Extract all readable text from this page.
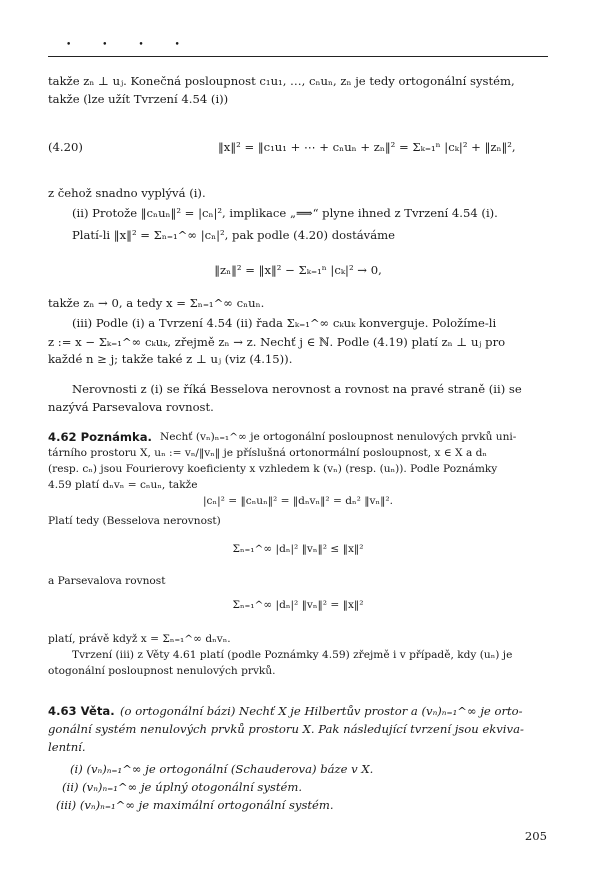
• • • •
takže zₙ ⊥ uⱼ. Konečná posloupnost c₁u₁, …, cₙuₙ, zₙ je tedy ortogonální systém,
takže (lze užít Tvrzení 4.54 (i))
‖x‖² = ‖c₁u₁ + ⋯ + cₙuₙ + zₙ‖² = Σₖ₌₁ⁿ |cₖ|² + ‖zₙ‖²,
z čehož snadno vyplývá (i).
(ii) Protože ‖cₙuₙ‖² = |cₙ|², implikace „⟹“ plyne ihned z Tvrzení 4.54 (i).
Platí-li ‖x‖² = Σₙ₌₁^∞ |cₙ|², pak podle (4.20) dostáváme
‖zₙ‖² = ‖x‖² − Σₖ₌₁ⁿ |cₖ|² → 0,
takže zₙ → 0, a tedy x = Σₙ₌₁^∞ cₙuₙ.
(iii) Podle (i) a Tvrzení 4.54 (ii) řada Σₖ₌₁^∞ cₖuₖ konverguje. Položíme-li
z := x − Σₖ₌₁^∞ cₖuₖ, zřejmě zₙ → z. Nechť j ∈ ℕ. Podle (4.19) platí zₙ ⊥ uⱼ pro
každé n ≥ j; takže také z ⊥ uⱼ (viz (4.15)).
Nerovnosti z (i) se říká Besselova nerovnost a rovnost na pravé straně (ii) se
nazývá Parsevalova rovnost.
(4.20)
4.62 Poznámka. Nechť (vₙ)ₙ₌₁^∞ je ortogonální posloupnost nenulových prvků uni-
tárního prostoru X, uₙ := vₙ/‖vₙ‖ je příslušná ortonormální posloupnost, x ∈ X a dₙ
(resp. cₙ) jsou Fourierovy koeficienty x vzhledem k (vₙ) (resp. (uₙ)). Podle Poznámky
4.59 platí dₙvₙ = cₙuₙ, takže
|cₙ|² = ‖cₙuₙ‖² = ‖dₙvₙ‖² = dₙ² ‖vₙ‖².
Platí tedy (Besselova nerovnost)
Σₙ₌₁^∞ |dₙ|² ‖vₙ‖² ≤ ‖x‖²
a Parsevalova rovnost
Σₙ₌₁^∞ |dₙ|² ‖vₙ‖² = ‖x‖²
platí, právě když x = Σₙ₌₁^∞ dₙvₙ.
Tvrzení (iii) z Věty 4.61 platí (podle Poznámky 4.59) zřejmě i v případě, kdy (uₙ) je
otogonální posloupnost nenulových prvků.
4.63 Věta. (o ortogonální bázi) Nechť X je Hilbertův prostor a (vₙ)ₙ₌₁^∞ je orto-
gonální systém nenulových prvků prostoru X. Pak následující tvrzení jsou ekviva-
lentní.
(i) (vₙ)ₙ₌₁^∞ je ortogonální (Schauderova) báze v X.
(ii) (vₙ)ₙ₌₁^∞ je úplný otogonální systém.
(iii) (vₙ)ₙ₌₁^∞ je maximální ortogonální systém.
205
